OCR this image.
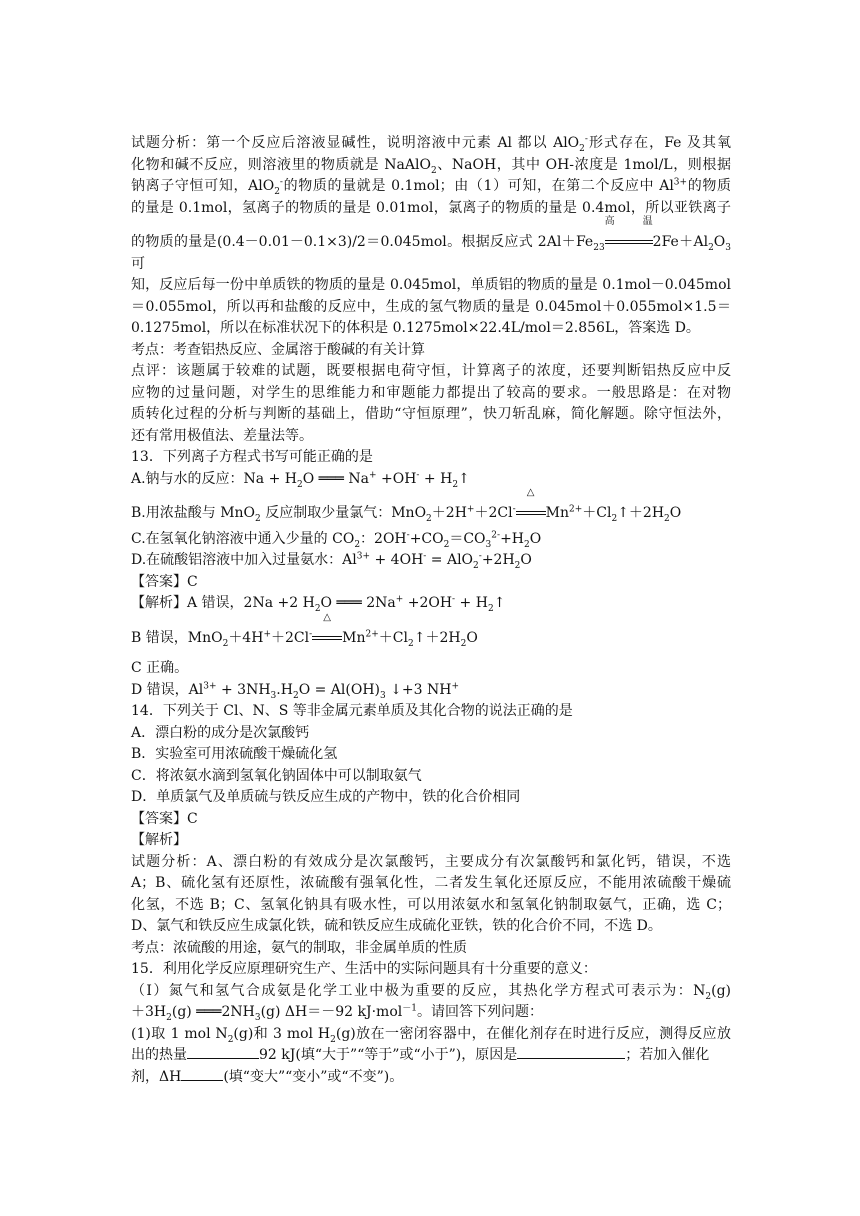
试题分析：第一个反应后溶液显碱性，说明溶液中元素 Al 都以 AlO$_2$-形式存在，Fe 及其氧
化物和碱不反应，则溶液里的物质就是 NaAlO$_2$、NaOH，其中 OH-浓度是 1mol/L，则根据
钠离子守恒可知，AlO$_2$-的物质的量就是 0.1mol；由（1）可知，在第二个反应中 $Al^{3+}$的物质
的量是 0.1mol，氢离子的物质的量是 0.01mol，氯离子的物质的量是 0.4mol，所以亚铁离子
的物质的量是(0.4－0.01－0.1×3)/2＝0.045mol。根据反应式 $2Al+Fe_{23}$
高温
$2Fe+Al_2O_3$可
知，反应后每一份中单质铁的物质的量是 0.045mol，单质铝的物质的量是 0.1mol－0.045mol
＝0.055mol，所以再和盐酸的反应中，生成的氢气物质的量是 0.045mol＋0.055mol×1.5＝
0.1275mol，所以在标准状况下的体积是 0.1275mol×22.4L/mol＝2.856L，答案选 D。
考点：考查铝热反应、金属溶于酸碱的有关计算
点评：该题属于较难的试题，既要根据电荷守恒，计算离子的浓度，还要判断铝热反应中反
应物的过量问题，对学生的思维能力和审题能力都提出了较高的要求。一般思路是：在对物
质转化过程的分析与判断的基础上，借助“守恒原理”，快刀斩乱麻，简化解题。除守恒法外，
还有常用极值法、差量法等。
13．下列离子方程式书写可能正确的是
A.钠与水的反应：$Na + H_2O$ ═══ $Na^+ +OH^- + H_2↑$
B.用浓盐酸与 MnO$_2$ 反应制取少量氯气：MnO$_2$＋2H+＋2Cl-
△
$Mn^{2+}+Cl_2↑+2H_2O$
C.在氢氧化钠溶液中通入少量的 $CO_2$：$2OH^-+CO_2=CO_3^{2-}+H_2O$
D.在硫酸铝溶液中加入过量氨水：$Al^{3+} + 4OH^- = AlO_2^-+2H_2O$
【答案】C
【解析】A 错误，2Na +2 $H_2O$ ═══ $2Na^+ +2OH^- + H_2↑$
B 错误，MnO$_2$＋4H+＋2Cl-
△
$Mn^{2+}+Cl_2↑+2H_2O$
C 正确。
D 错误，$Al^{3+} + 3NH_3.H_2O = Al(OH)_3$ ↓+3 NH+
14．下列关于 Cl、N、S 等非金属元素单质及其化合物的说法正确的是
A．漂白粉的成分是次氯酸钙
B．实验室可用浓硫酸干燥硫化氢
C．将浓氨水滴到氢氧化钠固体中可以制取氨气
D．单质氯气及单质硫与铁反应生成的产物中，铁的化合价相同
【答案】C
【解析】
试题分析：A、漂白粉的有效成分是次氯酸钙，主要成分有次氯酸钙和氯化钙，错误，不选
A；B、硫化氢有还原性，浓硫酸有强氧化性，二者发生氧化还原反应，不能用浓硫酸干燥硫
化氢，不选 B；C、氢氧化钠具有吸水性，可以用浓氨水和氢氧化钠制取氨气，正确，选 C；
D、氯气和铁反应生成氯化铁，硫和铁反应生成硫化亚铁，铁的化合价不同，不选 D。
考点：浓硫酸的用途，氨气的制取，非金属单质的性质
15．利用化学反应原理研究生产、生活中的实际问题具有十分重要的意义：
（Ⅰ）氮气和氢气合成氨是化学工业中极为重要的反应，其热化学方程式可表示为：$N_2(g)$
$+3H_2(g)$ $═══2NH_3(g)$ ΔH＝－92 kJ·mol$^{-1}$。请回答下列问题：
(1)取 1 mol $N_2(g)$和 3 mol $H_2(g)$放在一密闭容器中，在催化剂存在时进行反应，测得反应放
出的热量	92 kJ(填“大于”“等于”或“小于”)，原因是	；若加入催化
剂，ΔH	(填“变大”“变小”或“不变”)。
